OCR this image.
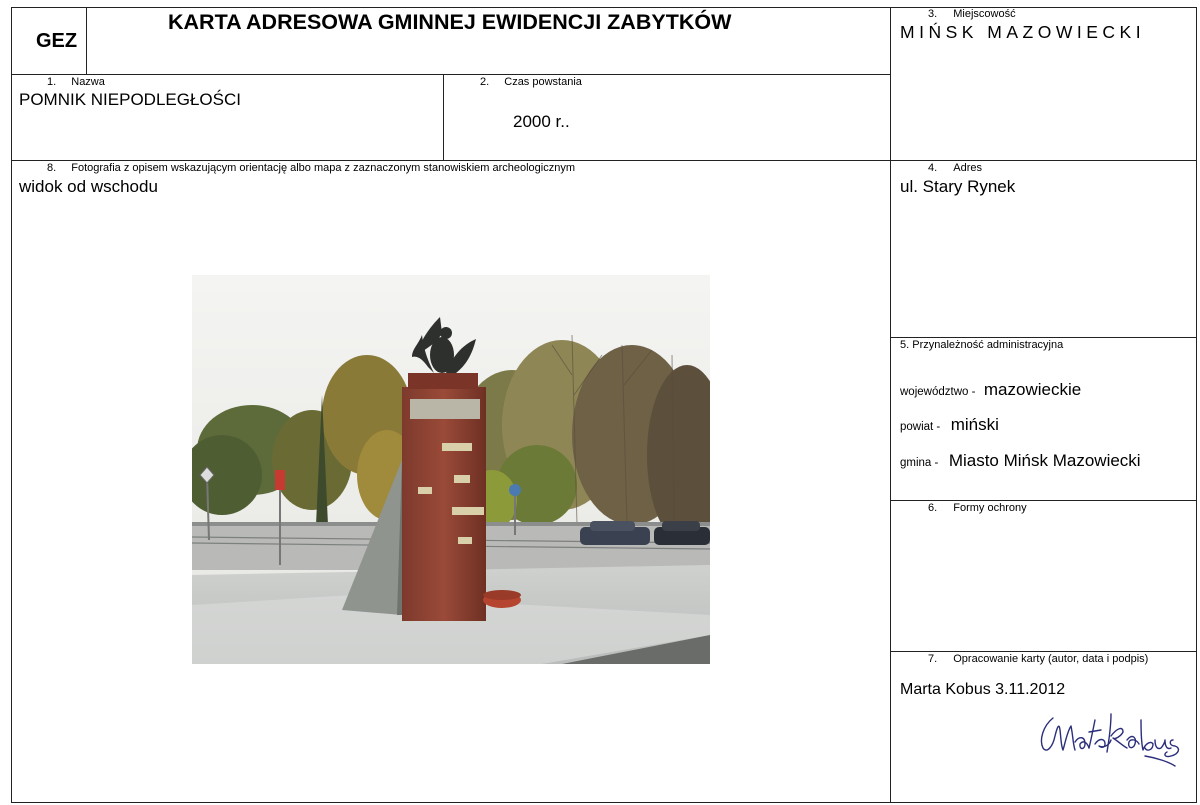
GEZ
KARTA ADRESOWA GMINNEJ EWIDENCJI ZABYTKÓW	3. Miejscowość
MIŃSK MAZOWIECKI
1. Nazwa
POMNIK NIEPODLEGŁOŚCI
2. Czas powstania
2000 r..
8. Fotografia z opisem wskazującym orientację albo mapa z zaznaczonym stanowiskiem archeologicznym
widok od wschodu
4. Adres
ul. Stary Rynek
5. Przynależność administracyjna
województwo - mazowieckie
powiat - miński
gmina - Miasto Mińsk Mazowiecki
6. Formy ochrony
7. Opracowanie karty (autor, data i podpis)
Marta Kobus 3.11.2012
